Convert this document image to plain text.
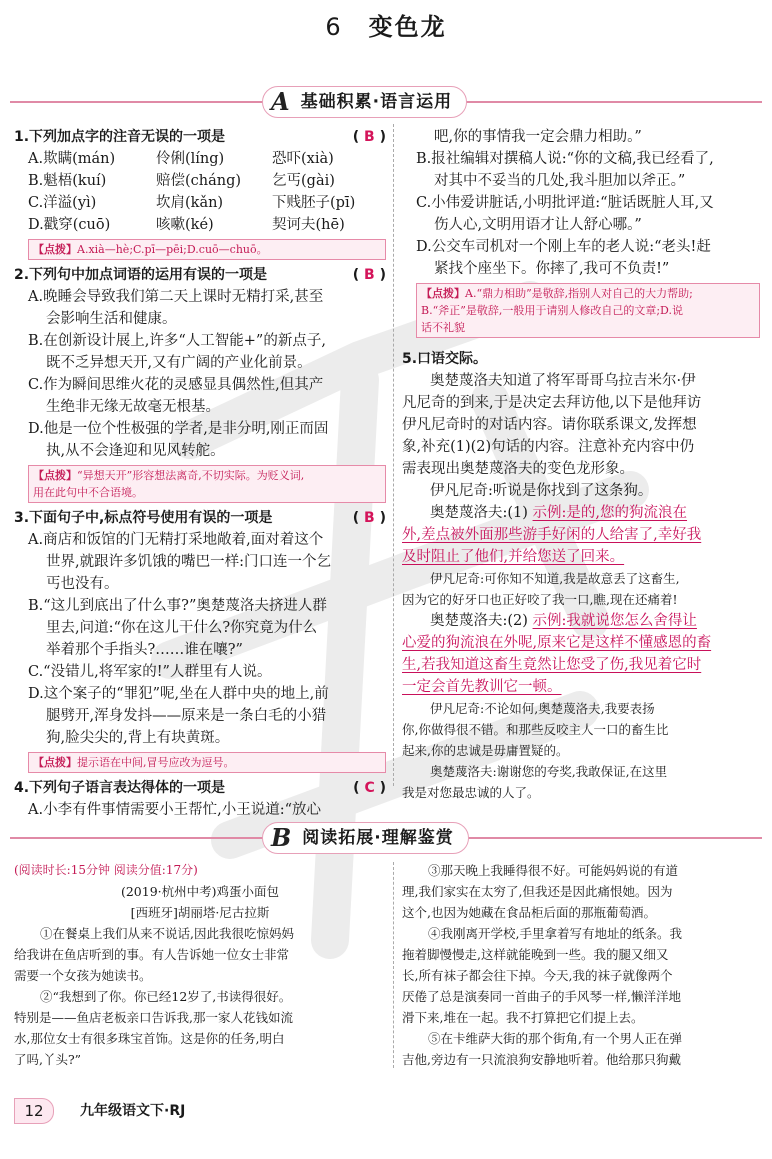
6 变色龙
A 基础积累·语言运用
1.下列加点字的注音无误的一项是	( B )
A.欺瞒(mán)	伶俐(líng)	恐吓(xià)
B.魁梧(kuí)	赔偿(cháng)	乞丐(gài)
C.洋溢(yì)	坎肩(kǎn)	下贱胚子(pī)
D.戳穿(cuō)	咳嗽(ké)	契诃夫(hē)
【点拨】A.xià—hè;C.pī—pēi;D.cuō—chuō。
2.下列句中加点词语的运用有误的一项是	( B )

A.晚睡会导致我们第二天上课时无精打采,甚至

会影响生活和健康。

B.在创新设计展上,许多“人工智能+”的新点子,

既不乏异想天开,又有广阔的产业化前景。

C.作为瞬间思维火花的灵感显具偶然性,但其产

生绝非无缘无故毫无根基。

D.他是一位个性极强的学者,是非分明,刚正而固

执,从不会逢迎和见风转舵。

【点拨】“异想天开”形容想法离奇,不切实际。为贬义词,
用在此句中不合语境。
3.下面句子中,标点符号使用有误的一项是	( B )

A.商店和饭馆的门无精打采地敞着,面对着这个

世界,就跟许多饥饿的嘴巴一样:门口连一个乞

丐也没有。

B.“这儿到底出了什么事?”奥楚蔑洛夫挤进人群

里去,问道:“你在这儿干什么?你究竟为什么

举着那个手指头?……谁在嚷?”

C.“没错儿,将军家的!”人群里有人说。

D.这个案子的“罪犯”呢,坐在人群中央的地上,前

腿劈开,浑身发抖——原来是一条白毛的小猎

狗,脸尖尖的,背上有块黄斑。

【点拨】提示语在中间,冒号应改为逗号。
4.下列句子语言表达得体的一项是	( C )

A.小李有件事情需要小王帮忙,小王说道:“放心

吧,你的事情我一定会鼎力相助。”

B.报社编辑对撰稿人说:“你的文稿,我已经看了,

对其中不妥当的几处,我斗胆加以斧正。”

C.小伟爱讲脏话,小明批评道:“脏话既脏人耳,又

伤人心,文明用语才让人舒心哪。”

D.公交车司机对一个刚上车的老人说:“老头!赶

紧找个座坐下。你摔了,我可不负责!”

【点拨】A.“鼎力相助”是敬辞,指别人对自己的大力帮助;
B.“斧正”是敬辞,一般用于请别人修改自己的文章;D.说
话不礼貌
5.口语交际。

奥楚蔑洛夫知道了将军哥哥乌拉吉米尔·伊

凡尼奇的到来,于是决定去拜访他,以下是他拜访

伊凡尼奇时的对话内容。请你联系课文,发挥想

象,补充(1)(2)句话的内容。注意补充内容中仍

需表现出奥楚蔑洛夫的变色龙形象。

伊凡尼奇:听说是你找到了这条狗。

奥楚蔑洛夫:(1) 示例:是的,您的狗流浪在

外,差点被外面那些游手好闲的人给害了,幸好我

及时阻止了他们,并给您送了回来。

伊凡尼奇:可你知不知道,我是故意丢了这畜生,

因为它的好牙口也正好咬了我一口,瞧,现在还痛着!

奥楚蔑洛夫:(2) 示例:我就说您怎么舍得让

心爱的狗流浪在外呢,原来它是这样不懂感恩的畜

生,若我知道这畜生竟然让您受了伤,我见着它时

一定会首先教训它一顿。

伊凡尼奇:不论如何,奥楚蔑洛夫,我要表扬

你,你做得很不错。和那些反咬主人一口的畜生比

起来,你的忠诚是毋庸置疑的。

奥楚蔑洛夫:谢谢您的夸奖,我敢保证,在这里

我是对您最忠诚的人了。

B 阅读拓展·理解鉴赏

(阅读时长:15分钟 阅读分值:17分)

(2019·杭州中考)鸡蛋小面包

[西班牙]胡丽塔·尼古拉斯

①在餐桌上我们从来不说话,因此我很吃惊妈妈

给我讲在鱼店听到的事。有人告诉她一位女士非常

需要一个女孩为她读书。

②“我想到了你。你已经12岁了,书读得很好。

特别是——鱼店老板亲口告诉我,那一家人花钱如流

水,那位女士有很多珠宝首饰。这是你的任务,明白

了吗,丫头?”

③那天晚上我睡得很不好。可能妈妈说的有道

理,我们家实在太穷了,但我还是因此痛恨她。因为

这个,也因为她藏在食品柜后面的那瓶葡萄酒。

④我刚离开学校,手里拿着写有地址的纸条。我

拖着脚慢慢走,这样就能晚到一些。我的腿又细又

长,所有袜子都会往下掉。今天,我的袜子就像两个

厌倦了总是演奏同一首曲子的手风琴一样,懒洋洋地

滑下来,堆在一起。我不打算把它们提上去。

⑤在卡维萨大街的那个街角,有一个男人正在弹

吉他,旁边有一只流浪狗安静地听着。他给那只狗戴

12	九年级语文下·RJ
